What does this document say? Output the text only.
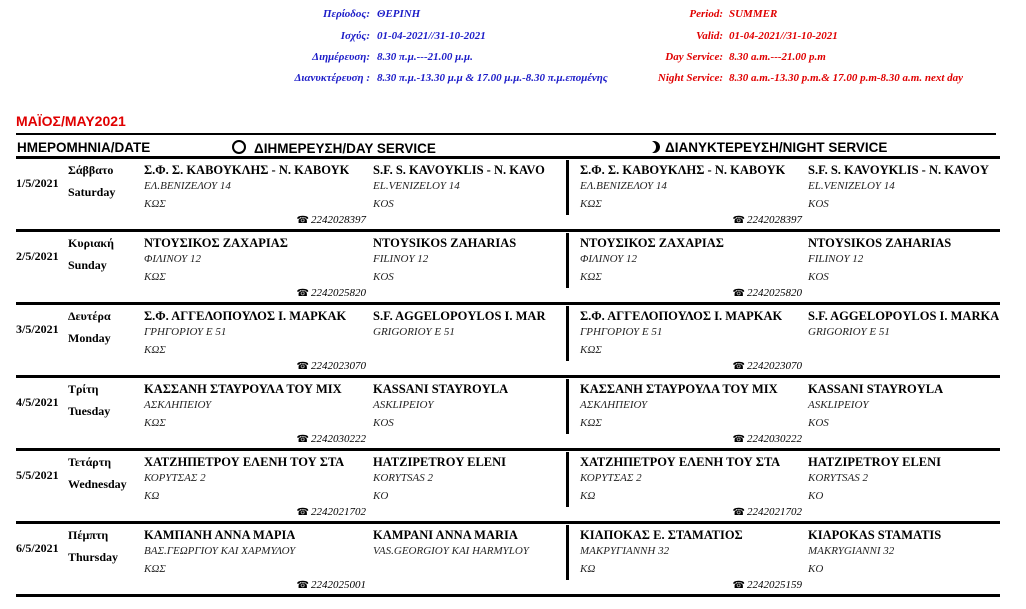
Περίοδος: ΘΕΡΙΝΗ
Ισχύς: 01-04-2021//31-10-2021
Διημέρευση: 8.30 π.μ.---21.00 μ.μ.
Διανυκτέρευση : 8.30 π.μ.-13.30 μ.μ & 17.00 μ.μ.-8.30 π.μ.επομένης
Period: SUMMER
Valid: 01-04-2021//31-10-2021
Day Service: 8.30 a.m.---21.00 p.m
Night Service: 8.30 a.m.-13.30 p.m.& 17.00 p.m-8.30 a.m. next day
ΜΑΪΟΣ/ΜΑΥ2021
ΗΜΕΡΟΜΗΝΙΑ/DATE	ΔΙΗΜΕΡΕΥΣΗ/DAY SERVICE	ΔΙΑΝΥΚΤΕΡΕΥΣΗ/NIGHT SERVICE
1/5/2021
Σάββατο
Saturday
Σ.Φ. Σ. ΚΑΒΟΥΚΛΗΣ - Ν. ΚΑΒΟΥΚ
ΕΛ.ΒΕΝΙΖΕΛΟΥ 14
ΚΩΣ
S.F. S. KAVOYKLIS - N. KAVO
EL.VENIZELOY 14
KOS
☎ 2242028397
Σ.Φ. Σ. ΚΑΒΟΥΚΛΗΣ - Ν. ΚΑΒΟΥΚ
ΕΛ.ΒΕΝΙΖΕΛΟΥ 14
ΚΩΣ
S.F. S. KAVOYKLIS - N. KAVOY
EL.VENIZELOY 14
KOS
☎ 2242028397
2/5/2021
Κυριακή
Sunday
ΝΤΟΥΣΙΚΟΣ ΖΑΧΑΡΙΑΣ
ΦΙΛΙΝΟΥ 12
ΚΩΣ
NTOYSIKOS ZAHARIAS
FILINOY 12
KOS
☎ 2242025820
ΝΤΟΥΣΙΚΟΣ ΖΑΧΑΡΙΑΣ
ΦΙΛΙΝΟΥ 12
ΚΩΣ
NTOYSIKOS ZAHARIAS
FILINOY 12
KOS
☎ 2242025820
3/5/2021
Δευτέρα
Monday
Σ.Φ. ΑΓΓΕΛΟΠΟΥΛΟΣ Ι. ΜΑΡΚΑΚ
ΓΡΗΓΟΡΙΟΥ Ε 51
ΚΩΣ
S.F. AGGELOPOYLOS I. MAR
GRIGORIOY E 51
☎ 2242023070
Σ.Φ. ΑΓΓΕΛΟΠΟΥΛΟΣ Ι. ΜΑΡΚΑΚ
ΓΡΗΓΟΡΙΟΥ Ε 51
ΚΩΣ
S.F. AGGELOPOYLOS I. MARKA
GRIGORIOY E 51
☎ 2242023070
4/5/2021
Τρίτη
Tuesday
ΚΑΣΣΑΝΗ ΣΤΑΥΡΟΥΛΑ ΤΟΥ ΜΙΧ
ΑΣΚΛΗΠΕΙΟΥ
ΚΩΣ
KASSANI STAYROYLA
ASKLIPEIOY
KOS
☎ 2242030222
ΚΑΣΣΑΝΗ ΣΤΑΥΡΟΥΛΑ ΤΟΥ ΜΙΧ
ΑΣΚΛΗΠΕΙΟΥ
ΚΩΣ
KASSANI STAYROYLA
ASKLIPEIOY
KOS
☎ 2242030222
5/5/2021
Τετάρτη
Wednesday
ΧΑΤΖΗΠΕΤΡΟΥ ΕΛΕΝΗ ΤΟΥ ΣΤΑ
ΚΟΡΥΤΣΑΣ 2
ΚΩ
HATZIPETROY ELENI
KORYTSAS 2
KO
☎ 2242021702
ΧΑΤΖΗΠΕΤΡΟΥ ΕΛΕΝΗ ΤΟΥ ΣΤΑ
ΚΟΡΥΤΣΑΣ 2
ΚΩ
HATZIPETROY ELENI
KORYTSAS 2
KO
☎ 2242021702
6/5/2021
Πέμπτη
Thursday
ΚΑΜΠΑΝΗ ΑΝΝΑ ΜΑΡΙΑ
ΒΑΣ.ΓΕΩΡΓΙΟΥ ΚΑΙ ΧΑΡΜΥΛΟΥ
ΚΩΣ
KAMPANI ANNA MARIA
VAS.GEORGIOY KAI HARMYLOY
☎ 2242025001
ΚΙΑΠΟΚΑΣ Ε. ΣΤΑΜΑΤΙΟΣ
ΜΑΚΡΥΓΙΑΝΝΗ 32
ΚΩ
KIAPOKAS STAMATIS
MAKRYGIANNI 32
KO
☎ 2242025159
